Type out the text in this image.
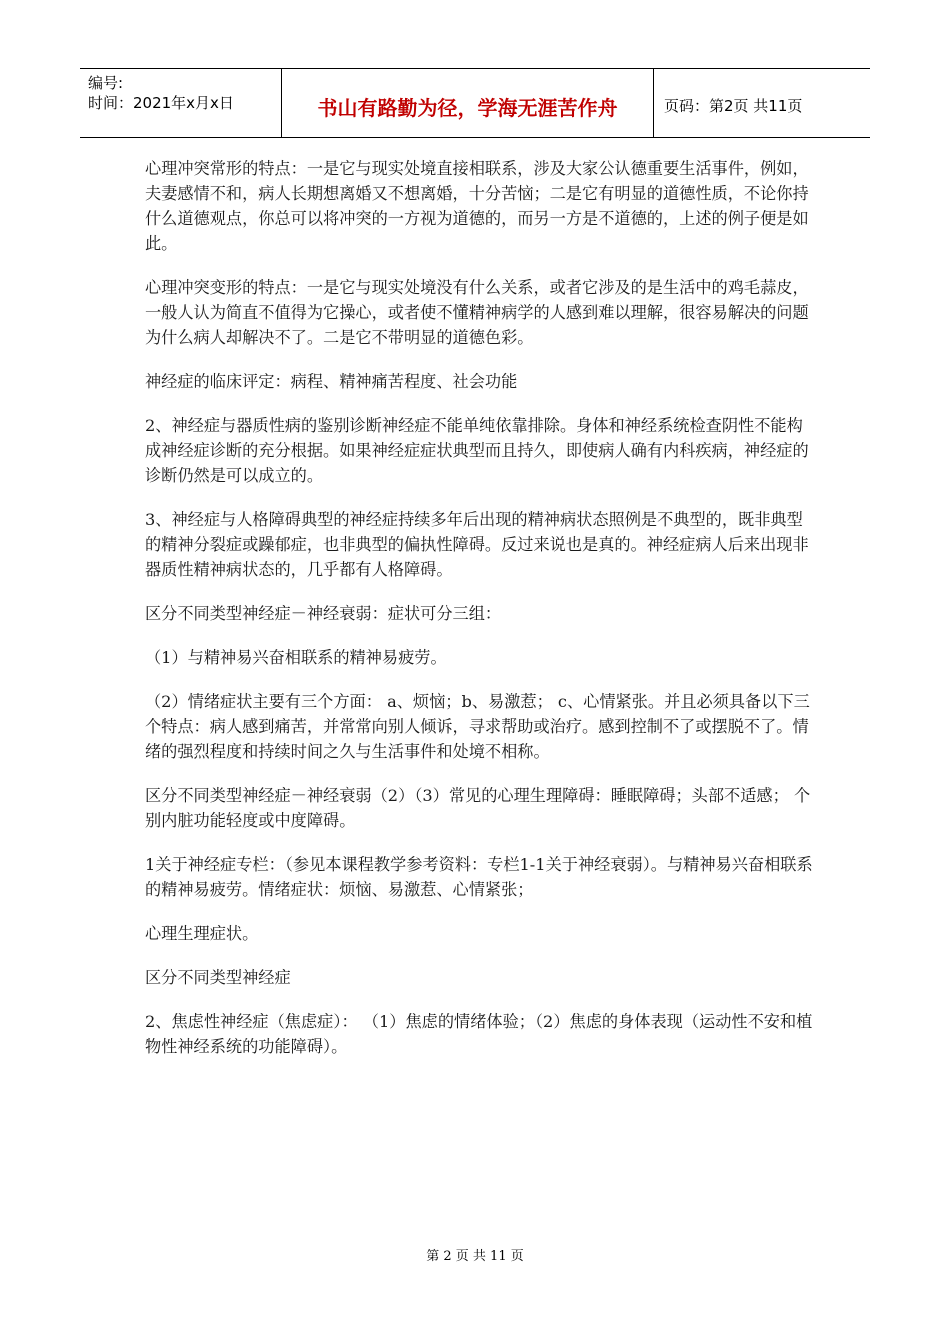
编号:
时间：2021年x月x日	书山有路勤为径，学海无涯苦作舟	页码：第2页 共11页

心理冲突常形的特点：一是它与现实处境直接相联系，涉及大家公认德重要生活事件，例如，夫妻感情不和，病人长期想离婚又不想离婚，十分苦恼；二是它有明显的道德性质，不论你持什么道德观点，你总可以将冲突的一方视为道德的，而另一方是不道德的，上述的例子便是如此。

心理冲突变形的特点：一是它与现实处境没有什么关系，或者它涉及的是生活中的鸡毛蒜皮，一般人认为简直不值得为它操心，或者使不懂精神病学的人感到难以理解，很容易解决的问题为什么病人却解决不了。二是它不带明显的道德色彩。

神经症的临床评定：病程、精神痛苦程度、社会功能

2、神经症与器质性病的鉴别诊断神经症不能单纯依靠排除。身体和神经系统检查阴性不能构成神经症诊断的充分根据。如果神经症症状典型而且持久，即使病人确有内科疾病，神经症的诊断仍然是可以成立的。

3、神经症与人格障碍典型的神经症持续多年后出现的精神病状态照例是不典型的，既非典型的精神分裂症或躁郁症，也非典型的偏执性障碍。反过来说也是真的。神经症病人后来出现非器质性精神病状态的，几乎都有人格障碍。

区分不同类型神经症－神经衰弱：症状可分三组：

（1）与精神易兴奋相联系的精神易疲劳。

（2）情绪症状主要有三个方面： a、烦恼；b、易激惹； c、心情紧张。并且必须具备以下三个特点：病人感到痛苦，并常常向别人倾诉，寻求帮助或治疗。感到控制不了或摆脱不了。情绪的强烈程度和持续时间之久与生活事件和处境不相称。

区分不同类型神经症－神经衰弱（2）（3）常见的心理生理障碍：睡眠障碍；头部不适感； 个别内脏功能轻度或中度障碍。

1关于神经症专栏：（参见本课程教学参考资料：专栏1-1关于神经衰弱）。与精神易兴奋相联系的精神易疲劳。情绪症状：烦恼、易激惹、心情紧张；

心理生理症状。

区分不同类型神经症

2、焦虑性神经症（焦虑症）： （1）焦虑的情绪体验；（2）焦虑的身体表现（运动性不安和植物性神经系统的功能障碍）。

第 2 页 共 11 页
